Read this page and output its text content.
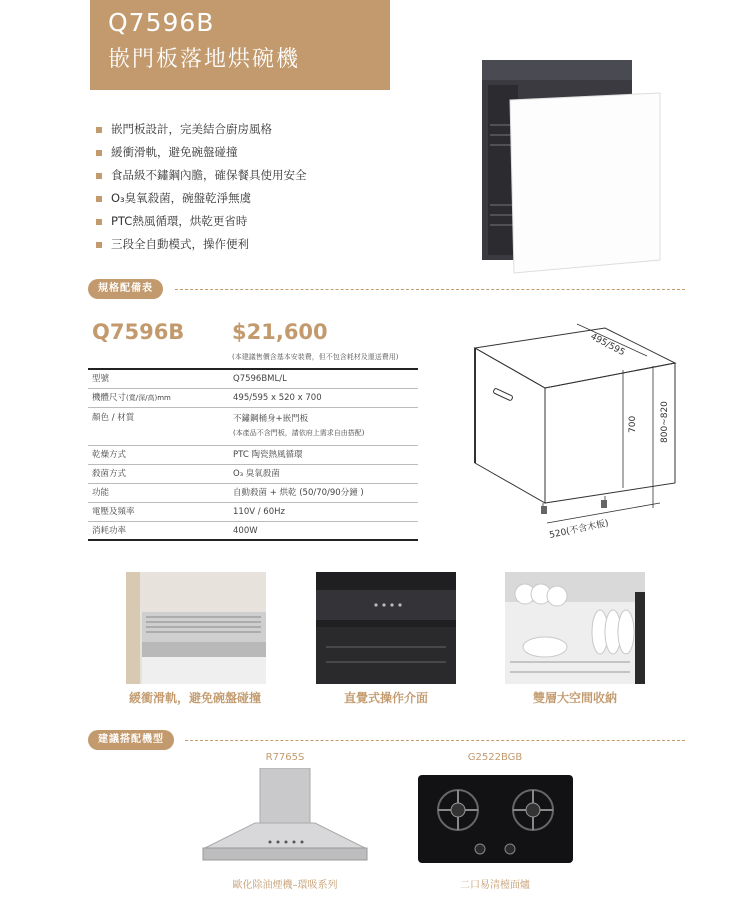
Q7596B
嵌門板落地烘碗機
嵌門板設計，完美結合廚房風格
緩衝滑軌，避免碗盤碰撞
食品級不鏽鋼內膽，確保餐具使用安全
O₃臭氧殺菌，碗盤乾淨無虞
PTC熱風循環，烘乾更省時
三段全自動模式，操作便利
規格配備表
Q7596B $21,600
(本建議售價含基本安裝費，但不包含耗材及運送費用)
型號	Q7596BML/L
機體尺寸(寬/深/高)mm	495/595 x 520 x 700
顏色 / 材質	不鏽鋼桶身+嵌門板
(本產品不含門板，請依府上需求自由搭配)
乾燥方式	PTC 陶瓷熱風循環
殺菌方式	O₃ 臭氧殺菌
功能	自動殺菌 + 烘乾 (50/70/90分鐘 )
電壓及頻率	110V / 60Hz
消耗功率	400W
495/595
700 800~820
520(不含木板)
緩衝滑軌，避免碗盤碰撞	直覺式操作介面	雙層大空間收納
建議搭配機型
R7765S
歐化除油煙機–環吸系列
G2522BGB
二口易清檯面爐
